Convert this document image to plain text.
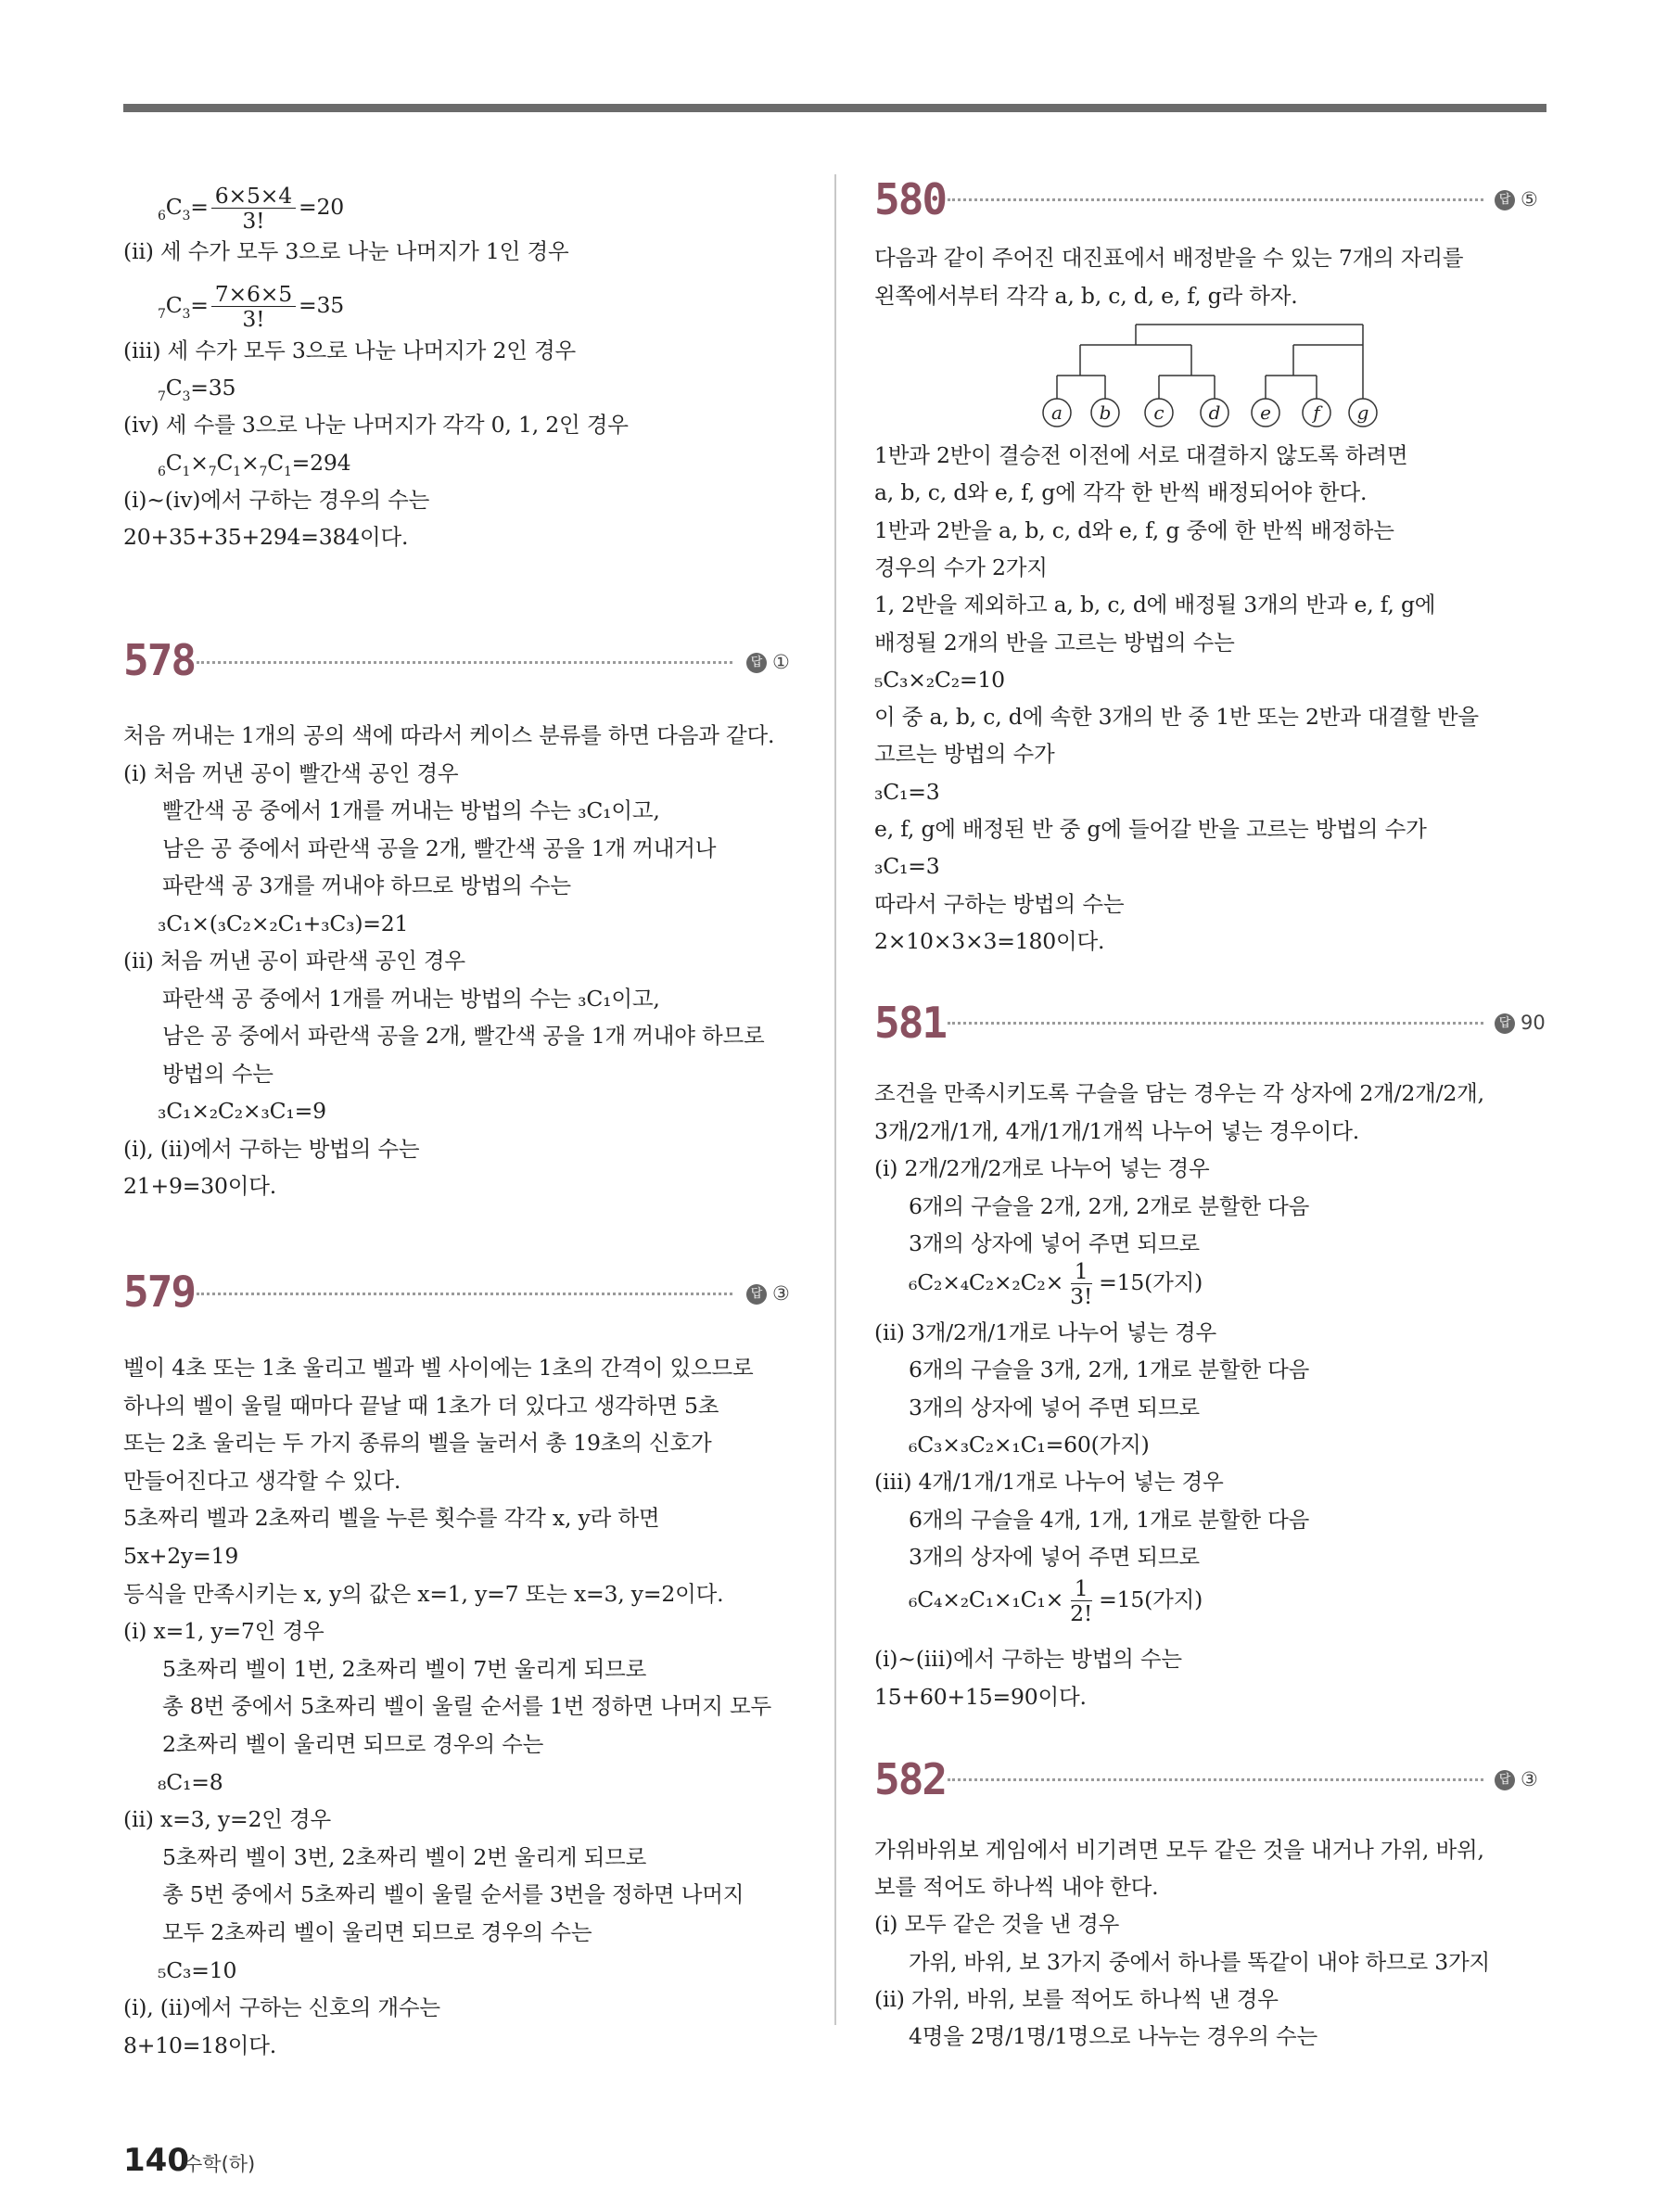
$_6C_3= \frac{6\times 5\times 4}{3!} =20$
(ⅱ) 세 수가 모두 3으로 나눈 나머지가 1인 경우
$_7C_3= \frac{7\times 6\times 5}{3!} =35$
(ⅲ) 세 수가 모두 3으로 나눈 나머지가 2인 경우
$_7C_3=35$
(ⅳ) 세 수를 3으로 나눈 나머지가 각각 0, 1, 2인 경우
$_6C_1\times_7C_1\times_7C_1=294$
(ⅰ)~(ⅳ)에서 구하는 경우의 수는
20+35+35+294=384이다.
578	답 ①
처음 꺼내는 1개의 공의 색에 따라서 케이스 분류를 하면 다음과 같다.
(ⅰ) 처음 꺼낸 공이 빨간색 공인 경우
빨간색 공 중에서 1개를 꺼내는 방법의 수는 ₃C₁이고,
남은 공 중에서 파란색 공을 2개, 빨간색 공을 1개 꺼내거나
파란색 공 3개를 꺼내야 하므로 방법의 수는
₃C₁×(₃C₂×₂C₁+₃C₃)=21
(ⅱ) 처음 꺼낸 공이 파란색 공인 경우
파란색 공 중에서 1개를 꺼내는 방법의 수는 ₃C₁이고,
남은 공 중에서 파란색 공을 2개, 빨간색 공을 1개 꺼내야 하므로
방법의 수는
₃C₁×₂C₂×₃C₁=9
(ⅰ), (ⅱ)에서 구하는 방법의 수는
21+9=30이다.
579	답 ③
벨이 4초 또는 1초 울리고 벨과 벨 사이에는 1초의 간격이 있으므로
하나의 벨이 울릴 때마다 끝날 때 1초가 더 있다고 생각하면 5초
또는 2초 울리는 두 가지 종류의 벨을 눌러서 총 19초의 신호가
만들어진다고 생각할 수 있다.
5초짜리 벨과 2초짜리 벨을 누른 횟수를 각각 x, y라 하면
5x+2y=19
등식을 만족시키는 x, y의 값은 x=1, y=7 또는 x=3, y=2이다.
(ⅰ) x=1, y=7인 경우
5초짜리 벨이 1번, 2초짜리 벨이 7번 울리게 되므로
총 8번 중에서 5초짜리 벨이 울릴 순서를 1번 정하면 나머지 모두
2초짜리 벨이 울리면 되므로 경우의 수는
₈C₁=8
(ⅱ) x=3, y=2인 경우
5초짜리 벨이 3번, 2초짜리 벨이 2번 울리게 되므로
총 5번 중에서 5초짜리 벨이 울릴 순서를 3번을 정하면 나머지
모두 2초짜리 벨이 울리면 되므로 경우의 수는
₅C₃=10
(ⅰ), (ⅱ)에서 구하는 신호의 개수는
8+10=18이다.
580	답 ⑤
다음과 같이 주어진 대진표에서 배정받을 수 있는 7개의 자리를
왼쪽에서부터 각각 a, b, c, d, e, f, g라 하자.
a b c d e f g
1반과 2반이 결승전 이전에 서로 대결하지 않도록 하려면
a, b, c, d와 e, f, g에 각각 한 반씩 배정되어야 한다.
1반과 2반을 a, b, c, d와 e, f, g 중에 한 반씩 배정하는
경우의 수가 2가지
1, 2반을 제외하고 a, b, c, d에 배정될 3개의 반과 e, f, g에
배정될 2개의 반을 고르는 방법의 수는
₅C₃×₂C₂=10
이 중 a, b, c, d에 속한 3개의 반 중 1반 또는 2반과 대결할 반을
고르는 방법의 수가
₃C₁=3
e, f, g에 배정된 반 중 g에 들어갈 반을 고르는 방법의 수가
₃C₁=3
따라서 구하는 방법의 수는
2×10×3×3=180이다.
581	답 90
조건을 만족시키도록 구슬을 담는 경우는 각 상자에 2개/2개/2개,
3개/2개/1개, 4개/1개/1개씩 나누어 넣는 경우이다.
(ⅰ) 2개/2개/2개로 나누어 넣는 경우
6개의 구슬을 2개, 2개, 2개로 분할한 다음
3개의 상자에 넣어 주면 되므로
$_6C_2\times_4C_2\times_2C_2\times \frac{1}{3!} =15$(가지)
(ⅱ) 3개/2개/1개로 나누어 넣는 경우
6개의 구슬을 3개, 2개, 1개로 분할한 다음
3개의 상자에 넣어 주면 되므로
₆C₃×₃C₂×₁C₁=60(가지)
(ⅲ) 4개/1개/1개로 나누어 넣는 경우
6개의 구슬을 4개, 1개, 1개로 분할한 다음
3개의 상자에 넣어 주면 되므로
$_6C_4\times_2C_1\times_1C_1\times \frac{1}{2!} =15$(가지)
(ⅰ)~(ⅲ)에서 구하는 방법의 수는
15+60+15=90이다.
582	답 ③
가위바위보 게임에서 비기려면 모두 같은 것을 내거나 가위, 바위,
보를 적어도 하나씩 내야 한다.
(ⅰ) 모두 같은 것을 낸 경우
가위, 바위, 보 3가지 중에서 하나를 똑같이 내야 하므로 3가지
(ⅱ) 가위, 바위, 보를 적어도 하나씩 낸 경우
4명을 2명/1명/1명으로 나누는 경우의 수는
140
수학(하)
